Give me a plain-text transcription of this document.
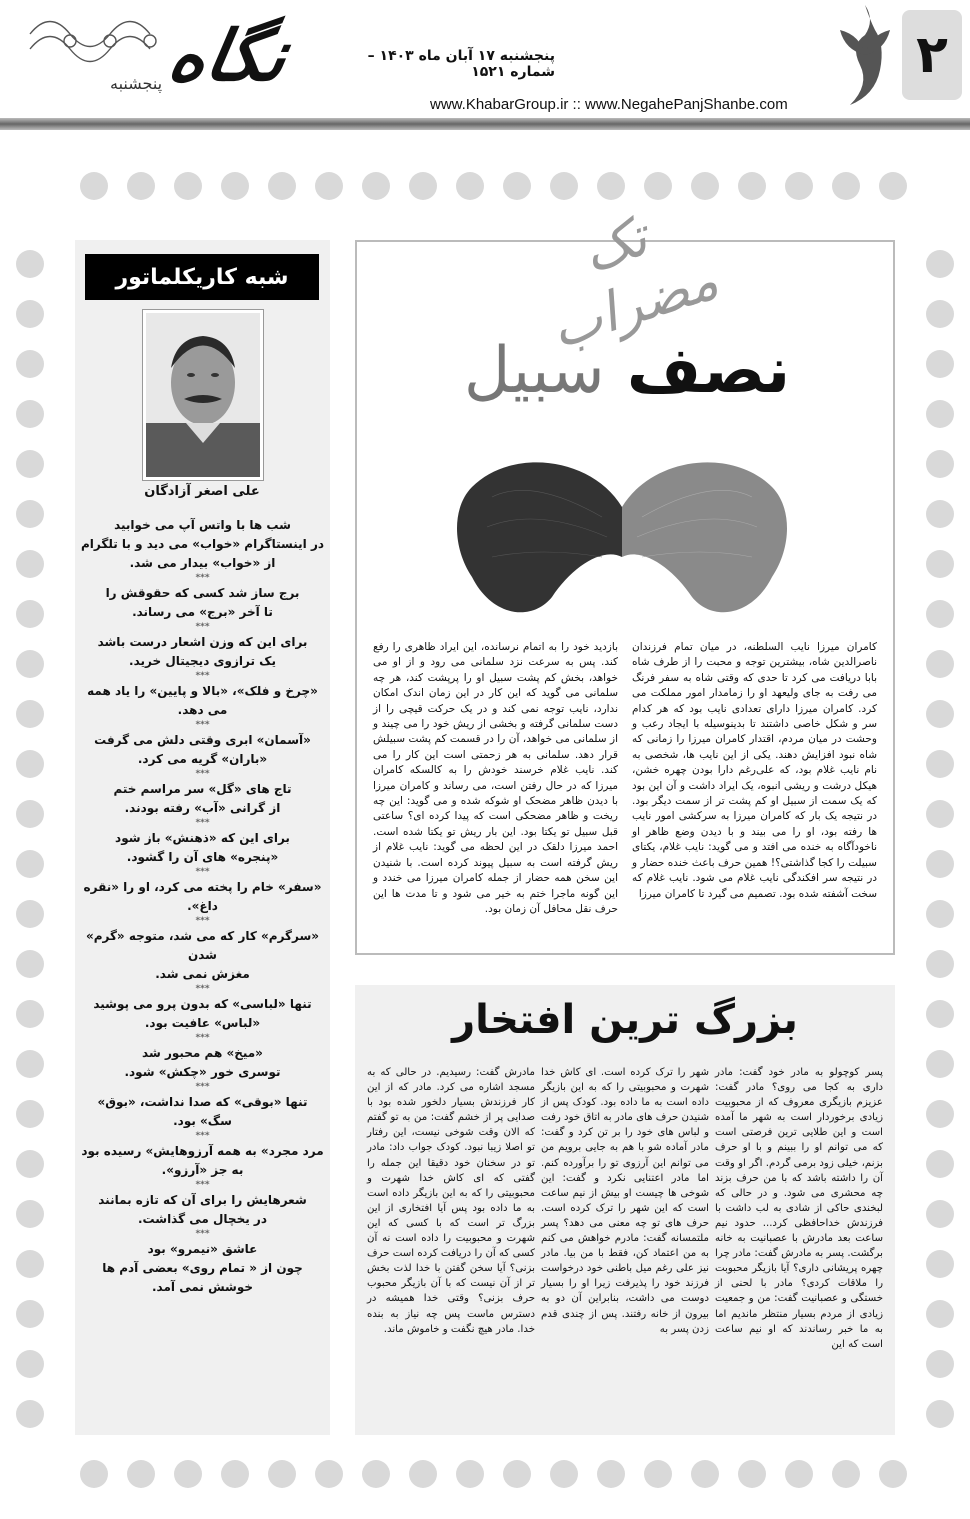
نگاه
پنجشنبه
پنجشنبه ۱۷ آبان ماه ۱۴۰۳ – شماره ۱۵۲۱
www.KhabarGroup.ir :: www.NegahePanjShanbe.com
۲
شبه کاریکلماتور
علی اصغر آزادگان
شب ها با واتس آپ می خوابید
در اینستاگرام «خواب» می دید و با تلگرام
از «خواب» بیدار می شد.
***
برج ساز شد کسی که حقوقش را
تا آخر «برج» می رساند.
***
برای این که وزن اشعار درست باشد
یک ترازوی دیجیتال خرید.
***
«چرخ و فلک»، «بالا و پایین» را یاد همه می دهد.
***
«آسمان» ابری وقتی دلش می گرفت
«باران» گریه می کرد.
***
تاج های «گل» سر مراسم ختم
از گرانی «آب» رفته بودند.
***
برای این که «ذهنش» باز شود
«پنجره» های آن را گشود.
***
«سفر» خام را پخته می کرد، او را «نقره داغ».
***
«سرگرم» کار که می شد، متوجه «گرم» شدن
مغزش نمی شد.
***
تنها «لباسی» که بدون پرو می پوشید
«لباس» عافیت بود.
***
«میخ» هم محبور شد
توسری خور «چکش» شود.
***
تنها «بوقی» که صدا نداشت، «بوق» سگ» بود.
***
مرد مجرد» به همه آرزوهایش» رسیده بود
به جز «آرزو».
***
شعرهایش را برای آن که تازه بمانند
در یخچال می گذاشت.
***
عاشق «نیمرو» بود
چون از « تمام روی» بعضی آدم ها
خوشش نمی آمد.
تک مضراب
نصف سبیل
کامران میرزا نایب السلطنه، در میان تمام فرزندان ناصرالدین شاه، بیشترین توجه و محبت را از طرف شاه بابا دریافت می کرد تا حدی که وقتی شاه به سفر فرنگ می رفت به جای ولیعهد او را زمامدار امور مملکت می کرد. کامران میرزا دارای تعدادی نایب بود که هر کدام سر و شکل خاصی داشتند تا بدینوسیله با ایجاد رعب و وحشت در میان مردم، اقتدار کامران میرزا را زمانی که شاه نبود افزایش دهند. یکی از این نایب ها، شخصی به نام نایب غلام بود، که علی‌رغم دارا بودن چهره خشن، هیکل درشت و ریشی انبوه، یک ایراد داشت و آن این بود که یک سمت از سبیل او کم پشت تر از سمت دیگر بود. در نتیجه یک بار که کامران میرزا به سرکشی امور نایب ها رفته بود، او را می بیند و با دیدن وضع ظاهر او ناخودآگاه به خنده می افتد و می گوید: نایب غلام، یکتای سبیلت را کجا گذاشتی؟! همین حرف باعث خنده حضار و در نتیجه سر افکندگی نایب غلام می شود. نایب غلام که سخت آشفته شده بود. تصمیم می گیرد تا کامران میرزا
بازدید خود را به اتمام نرسانده، این ایراد ظاهری را رفع کند. پس به سرعت نزد سلمانی می رود و از او می خواهد، بخش کم پشت سبیل او را پرپشت کند، هر چه سلمانی می گوید که این کار در این زمان اندک امکان ندارد، نایب توجه نمی کند و در یک حرکت قیچی را از دست سلمانی گرفته و بخشی از ریش خود را می چیند و از سلمانی می خواهد، آن را در قسمت کم پشت سبیلش قرار دهد. سلمانی به هر زحمتی است این کار را می کند. نایب غلام خرسند خودش را به کالسکه کامران میرزا که در حال رفتن است، می رساند و کامران میرزا با دیدن ظاهر مضحک او شوکه شده و می گوید: این چه ریخت و ظاهر مضحکی است که پیدا کرده ای؟ ساعتی قبل سبیل تو یکتا بود. این بار ریش تو یکتا شده است. احمد میرزا دلقک در این لحظه می گوید: نایب غلام از ریش گرفته است به سبیل پیوند کرده است. با شنیدن این سخن همه حضار از جمله کامران میرزا می خندد و این گونه ماجرا ختم به خیر می شود و تا مدت ها این حرف نقل محافل آن زمان بود.
بزرگ ترین افتخار
پسر کوچولو به مادر خود گفت: مادر داری به کجا می روی؟ مادر گفت: عزیزم بازیگری معروف که از محبوبیت زیادی برخوردار است به شهر ما آمده است و این طلایی ترین فرصتی است که می توانم او را ببینم و با او حرف بزنم، خیلی زود برمی گردم. اگر او وقت آن را داشته باشد که با من حرف بزند چه محشری می شود. و در حالی که لبخندی حاکی از شادی به لب داشت با فرزندش خداحافظی کرد... حدود نیم ساعت بعد مادرش با عصبانیت به خانه برگشت. پسر به مادرش گفت: مادر چرا چهره پریشانی داری؟ آیا بازیگر محبوبت را ملاقات کردی؟ مادر با لحنی از خستگی و عصبانیت گفت: من و جمعیت زیادی از مردم بسیار منتظر ماندیم اما به ما خبر رساندند که او نیم ساعت است که این
شهر را ترک کرده است. ای کاش خدا شهرت و محبوبیتی را که به این بازیگر داده است به ما داده بود. کودک پس از شنیدن حرف های مادر به اتاق خود رفت و لباس های خود را بر تن کرد و گفت: مادر آماده شو با هم به جایی برویم من می توانم این آرزوی تو را برآورده کنم. اما مادر اعتنایی نکرد و گفت: این شوخی ها چیست او بیش از نیم ساعت است که این شهر را ترک کرده است. حرف های تو چه معنی می دهد؟ پسر ملتمسانه گفت: مادرم خواهش می کنم به من اعتماد کن، فقط با من بیا. مادر نیز علی رغم میل باطنی خود درخواست فرزند خود را پذیرفت زیرا او را بسیار دوست می داشت، بنابراین آن دو به بیرون از خانه رفتند. پس از چندی قدم زدن پسر به
مادرش گفت: رسیدیم. در حالی که به مسجد اشاره می کرد. مادر که از این کار فرزندش بسیار دلخور شده بود با صدایی پر از خشم گفت: من به تو گفتم که الان وقت شوخی نیست، این رفتار تو اصلا زیبا نبود. کودک جواب داد: مادر تو در سخنان خود دقیقا این جمله را گفتی که ای کاش خدا شهرت و محبوبیتی را که به این بازیگر داده است به ما داده بود پس آیا افتخاری از این بزرگ تر است که با کسی که این شهرت و محبوبیت را داده است نه آن کسی که آن را دریافت کرده است حرف بزنی؟ آیا سخن گفتن با خدا لذت بخش تر از آن نیست که با آن بازیگر محبوب حرف بزنی؟ وقتی خدا همیشه در دسترس ماست پس چه نیاز به بنده خدا. مادر هیچ نگفت و خاموش ماند.
